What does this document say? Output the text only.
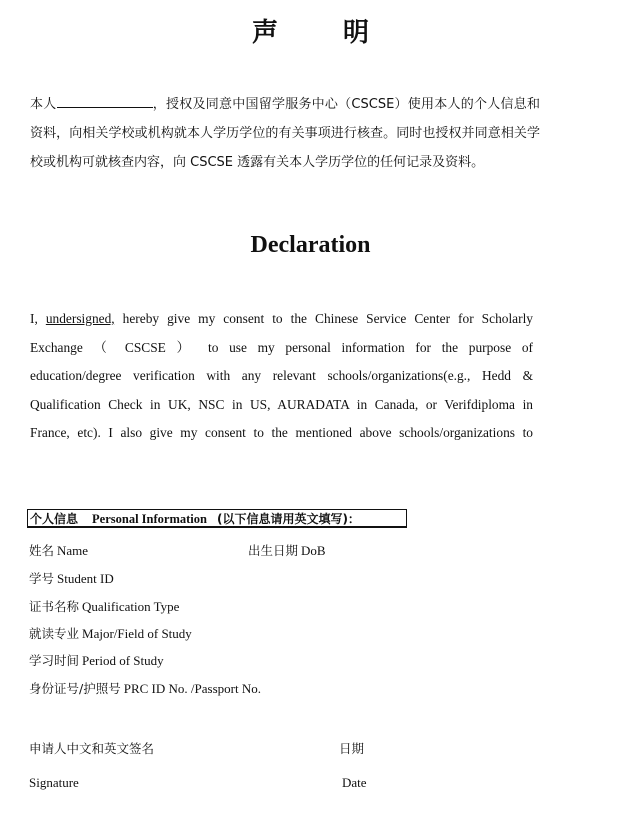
声 明
本人	，授权及同意中国留学服务中心（CSCSE）使用本人的个人信息和资料，向相关学校或机构就本人学历学位的有关事项进行核查。同时也授权并同意相关学校或机构可就核查内容，向 CSCSE 透露有关本人学历学位的任何记录及资料。
Declaration
I, undersigned, hereby give my consent to the Chinese Service Center for Scholarly
Exchange （ CSCSE ） to use my personal information for the purpose of
education/degree verification with any relevant schools/organizations(e.g., Hedd &
Qualification Check in UK, NSC in US, AURADATA in Canada, or Verifdiploma in
France, etc). I also give my consent to the mentioned above schools/organizations to
个人信息 Personal Information (以下信息请用英文填写)：
姓名 Name	出生日期 DoB
学号 Student ID
证书名称 Qualification Type
就读专业 Major/Field of Study
学习时间 Period of Study
身份证号/护照号 PRC ID No. /Passport No.
申请人中文和英文签名	日期
Signature	Date
